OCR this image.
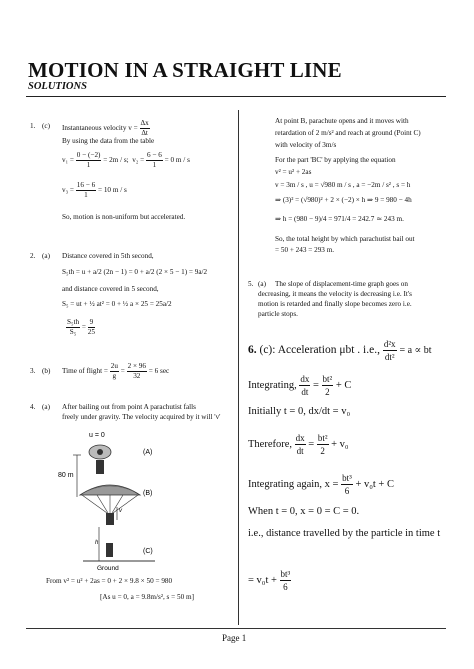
MOTION IN A STRAIGHT LINE
SOLUTIONS
1. (c) Instantaneous velocity $v = \frac{\Delta x}{\Delta t}$
By using the data from the table
$v_1 = \frac{0 - (-2)}{1} = 2m / s$; $v_2 = \frac{6 - 6}{1} = 0$ m / s
$v_3 = \frac{16 - 6}{1} = 10$ m / s
So, motion is non-uniform but accelerated.
2. (a) Distance covered in 5th second,
S₅th = u + a/2 (2n − 1) = 0 + a/2 (2 × 5 − 1) = 9a/2
and distance covered in 5 second,
S₅ = ut + ½ at² = 0 + ½ a × 25 = 25a/2
$\frac{\text{S₅th}}{\text{S₅}} = \frac{9}{25}$
3. (b) Time of flight = $\frac{2u}{g} = \frac{2 \times 96}{32} = 6$ sec
4. (a) After bailing out from point A parachutist falls
freely under gravity. The velocity acquired by it will 'v'
u = 0
(A)
80 m
(B)
v
h
(C)
Ground
From v² = u² + 2as = 0 + 2 × 9.8 × 50 = 980
[As u = 0, a = 9.8m/s², s = 50 m]
At point B, parachute opens and it moves with
retardation of 2 m/s² and reach at ground (Point C)
with velocity of 3m/s
For the part 'BC' by applying the equation
v² = u² + 2as
v = 3m / s , u = √980 m / s , a = −2m / s² , s = h
⇒ (3)² = (√980)² + 2 × (−2) × h ⇒ 9 = 980 − 4h
⇒ h = (980 − 9)/4 = 971/4 = 242.7 ≃ 243 m.
So, the total height by which parachutist bail out
= 50 + 243 = 293 m.
5. (a) The slope of displacement-time graph goes on
decreasing, it means the velocity is decreasing i.e. It's
motion is retarded and finally slope becomes zero i.e.
particle stops.
6. (c): Acceleration μbt . i.e., $\frac{\text{d²x}}{\text{dt²}} = a$ ∝ bt
Integrating, $\frac{dx}{dt} = \frac{\text{bt²}}{2} + C$
Initially t = 0, dx/dt = v₀
Therefore, $\frac{dx}{dt} = \frac{\text{bt²}}{2} + v_0$
Integrating again, $x = \frac{\text{bt³}}{6} + v_0t + C$
When t = 0, x = 0 = C = 0.
i.e., distance travelled by the particle in time t
= $v_0t + \frac{\text{bt³}}{6}$
Page 1
